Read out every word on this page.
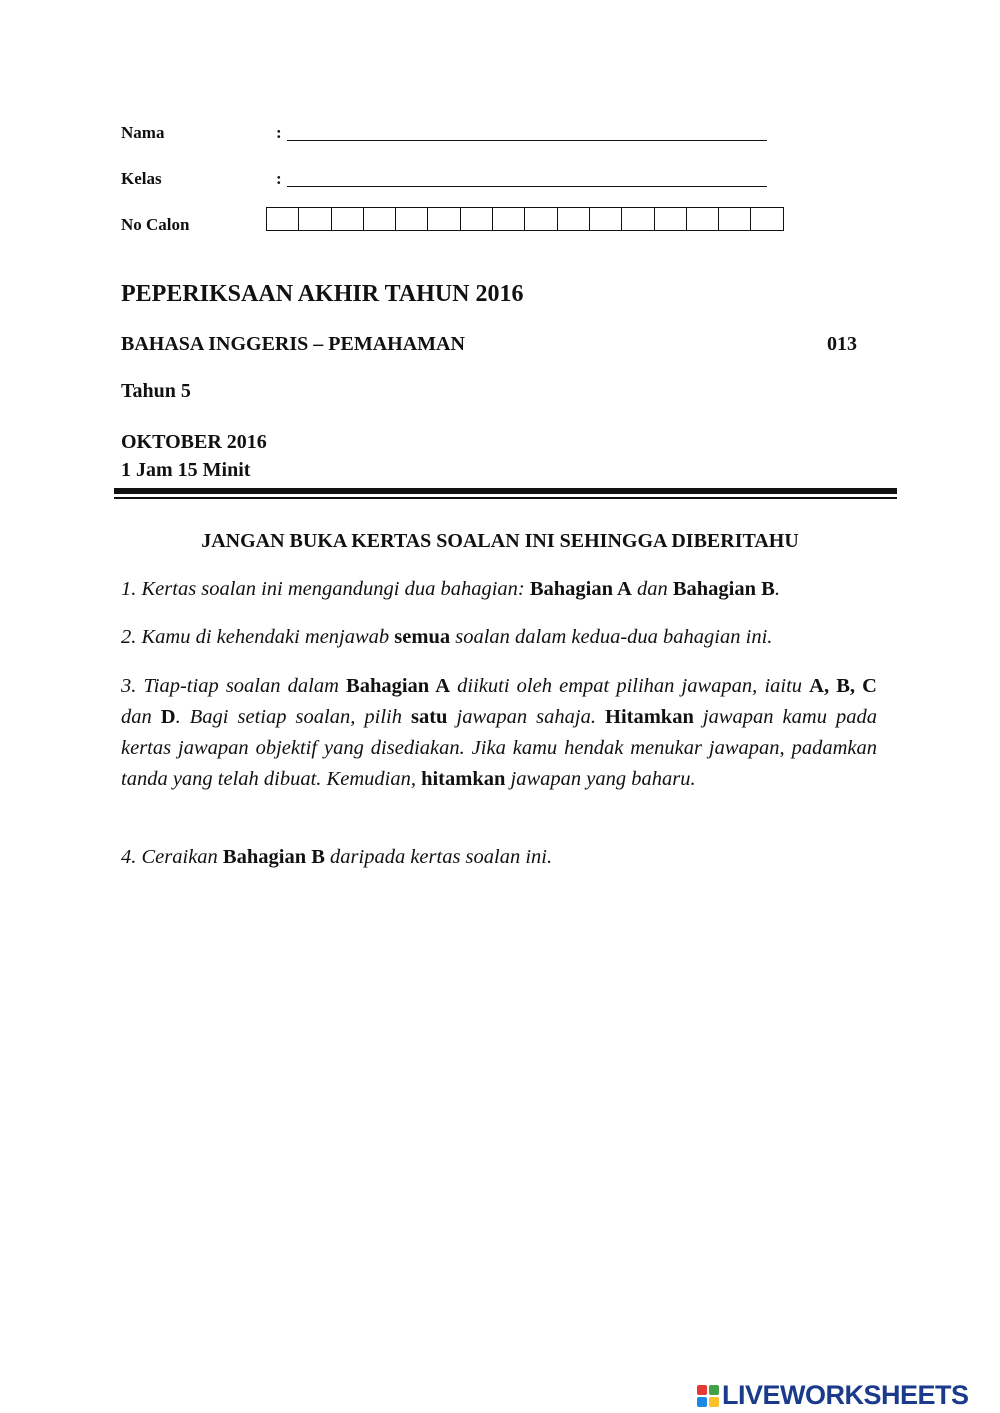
Nama	:
Kelas	:
No Calon
PEPERIKSAAN AKHIR TAHUN 2016
BAHASA INGGERIS – PEMAHAMAN	013
Tahun 5
OKTOBER 2016
1 Jam 15 Minit
JANGAN BUKA KERTAS SOALAN INI SEHINGGA DIBERITAHU
1. Kertas soalan ini mengandungi dua bahagian: Bahagian A dan Bahagian B.
2. Kamu di kehendaki menjawab semua soalan dalam kedua-dua bahagian ini.
3. Tiap-tiap soalan dalam Bahagian A diikuti oleh empat pilihan jawapan, iaitu A, B, C dan D. Bagi setiap soalan, pilih satu jawapan sahaja. Hitamkan jawapan kamu pada kertas jawapan objektif yang disediakan. Jika kamu hendak menukar jawapan, padamkan tanda yang telah dibuat. Kemudian, hitamkan jawapan yang baharu.
4. Ceraikan Bahagian B daripada kertas soalan ini.
LIVEWORKSHEETS
